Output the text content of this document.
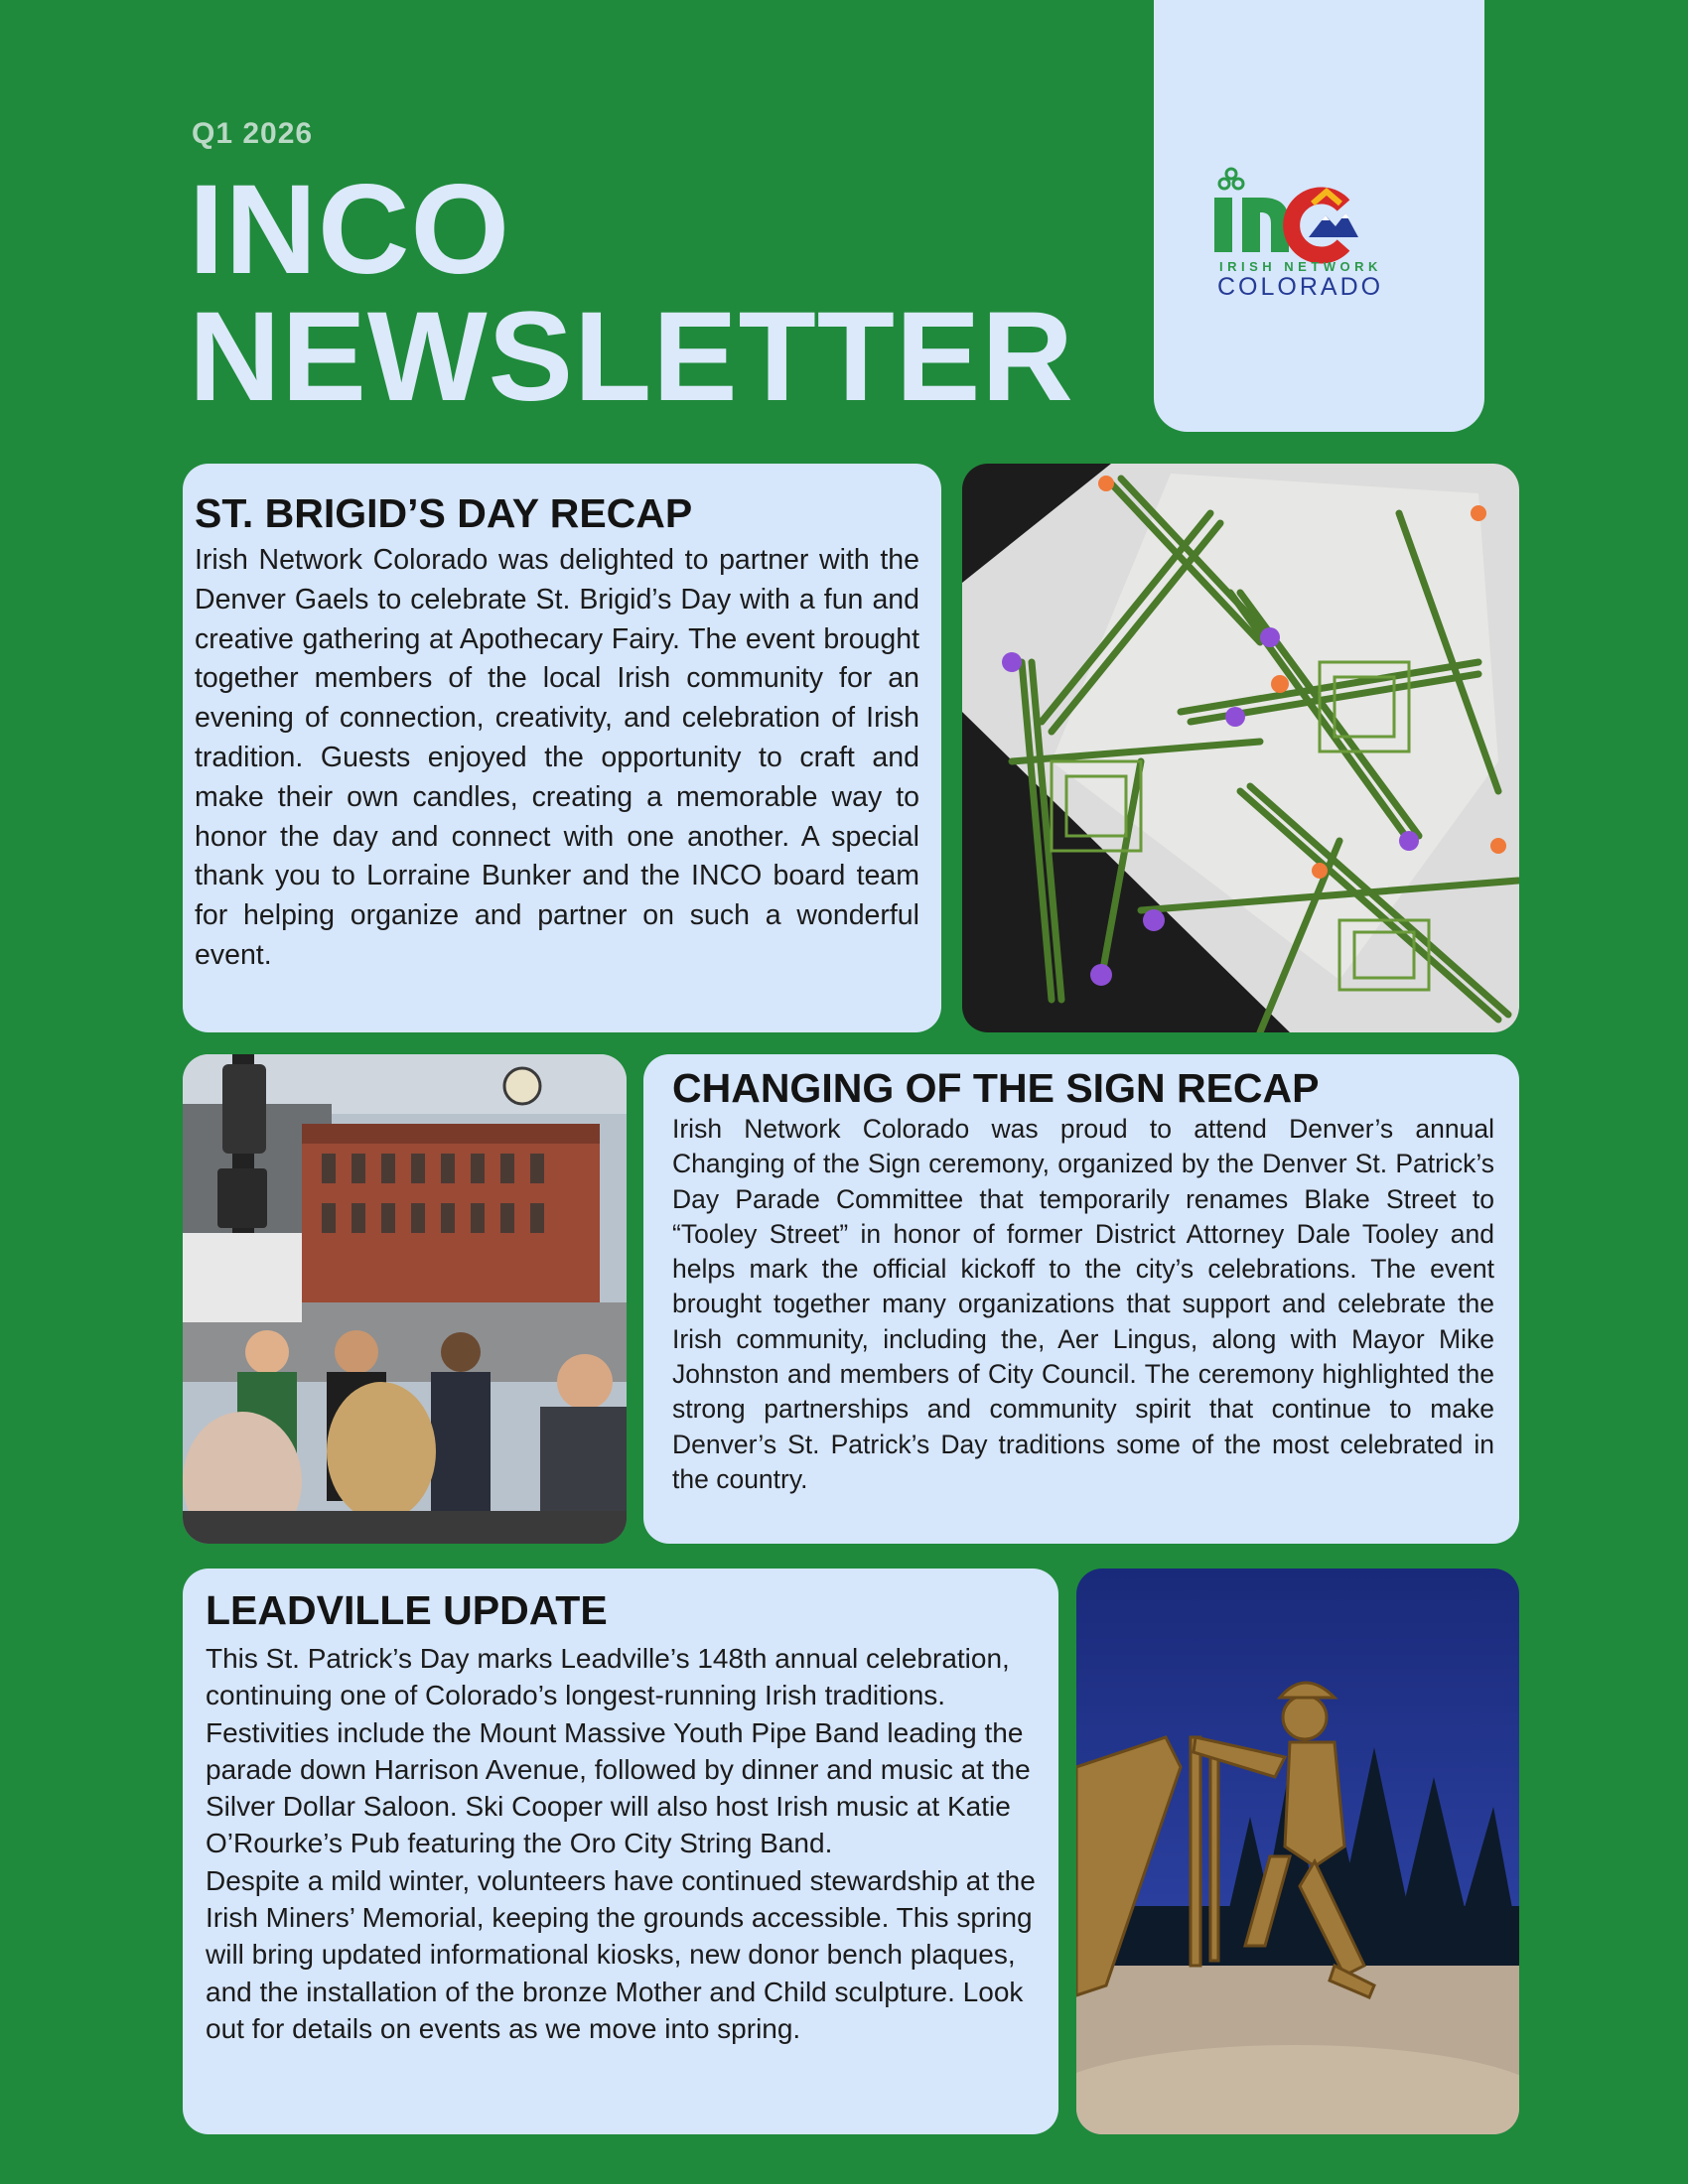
Q1 2026
INCO
NEWSLETTER
IRISH NETWORK
COLORADO
ST. BRIGID’S DAY RECAP

Irish Network Colorado was delighted to partner with the Denver Gaels to celebrate St. Brigid’s Day with a fun and creative gathering at Apothecary Fairy. The event brought together members of the local Irish community for an evening of connection, creativity, and celebration of Irish tradition. Guests enjoyed the opportunity to craft and make their own candles, creating a memorable way to honor the day and connect with one another. A special thank you to Lorraine Bunker and the INCO board team for helping organize and partner on such a wonderful event.

CHANGING OF THE SIGN RECAP

Irish Network Colorado was proud to attend Denver’s annual Changing of the Sign ceremony, organized by the Denver St. Patrick’s Day Parade Committee that temporarily renames Blake Street to “Tooley Street” in honor of former District Attorney Dale Tooley and helps mark the official kickoff to the city’s celebrations. The event brought together many organizations that support and celebrate the Irish community, including the, Aer Lingus, along with Mayor Mike Johnston and members of City Council. The ceremony highlighted the strong partnerships and community spirit that continue to make Denver’s St. Patrick’s Day traditions some of the most celebrated in the country.

LEADVILLE UPDATE

This St. Patrick’s Day marks Leadville’s 148th annual celebration, continuing one of Colorado’s longest-running Irish traditions. Festivities include the Mount Massive Youth Pipe Band leading the parade down Harrison Avenue, followed by dinner and music at the Silver Dollar Saloon. Ski Cooper will also host Irish music at Katie O’Rourke’s Pub featuring the Oro City String Band.

Despite a mild winter, volunteers have continued stewardship at the Irish Miners’ Memorial, keeping the grounds accessible. This spring will bring updated informational kiosks, new donor bench plaques, and the installation of the bronze Mother and Child sculpture. Look out for details on events as we move into spring.
